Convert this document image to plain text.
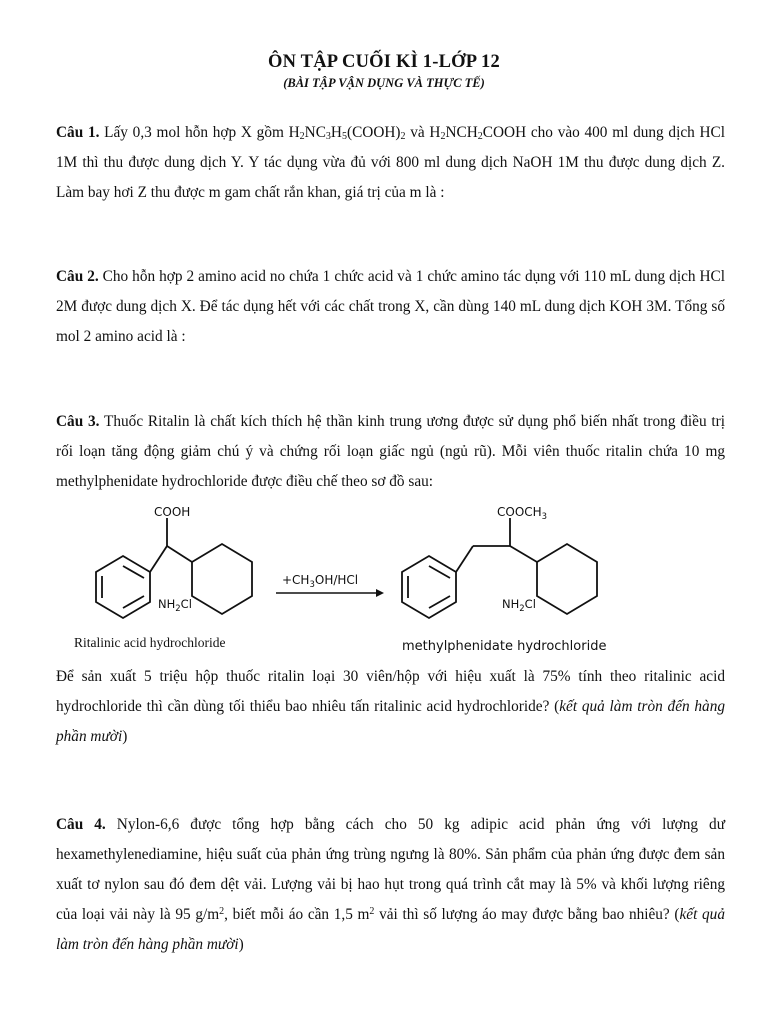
ÔN TẬP CUỐI KÌ 1-LỚP 12
(BÀI TẬP VẬN DỤNG VÀ THỰC TẾ)
Câu 1. Lấy 0,3 mol hỗn hợp X gồm $H_2NC_3H_5(COOH)_2$ và $H_2NCH_2COOH$ cho vào 400 ml dung dịch HCl 1M thì thu được dung dịch Y. Y tác dụng vừa đủ với 800 ml dung dịch NaOH 1M thu được dung dịch Z. Làm bay hơi Z thu được m gam chất rắn khan, giá trị của m là :
Câu 2. Cho hỗn hợp 2 amino acid no chứa 1 chức acid và 1 chức amino tác dụng với 110 mL dung dịch HCl 2M được dung dịch X. Để tác dụng hết với các chất trong X, cần dùng 140 mL dung dịch KOH 3M. Tổng số mol 2 amino acid là :
Câu 3. Thuốc Ritalin là chất kích thích hệ thần kinh trung ương được sử dụng phổ biến nhất trong điều trị rối loạn tăng động giảm chú ý và chứng rối loạn giấc ngủ (ngủ rũ). Mỗi viên thuốc ritalin chứa 10 mg methylphenidate hydrochloride được điều chế theo sơ đồ sau:
COOH
$NH_2Cl$
Ritalinic acid hydrochloride
$+CH_3OH$/HCl
$COOCH_3$
$NH_2Cl$
methylphenidate hydrochloride
Để sản xuất 5 triệu hộp thuốc ritalin loại 30 viên/hộp với hiệu xuất là 75% tính theo ritalinic acid hydrochloride thì cần dùng tối thiểu bao nhiêu tấn ritalinic acid hydrochloride? (kết quả làm tròn đến hàng phần mười)
Câu 4. Nylon-6,6 được tổng hợp bằng cách cho 50 kg adipic acid phản ứng với lượng dư hexamethylenediamine, hiệu suất của phản ứng trùng ngưng là 80%. Sản phẩm của phản ứng được đem sản xuất tơ nylon sau đó đem dệt vải. Lượng vải bị hao hụt trong quá trình cắt may là 5% và khối lượng riêng của loại vải này là 95 $g/m^2$, biết mỗi áo cần 1,5 $m^2$ vải thì số lượng áo may được bằng bao nhiêu? (kết quả làm tròn đến hàng phần mười)
